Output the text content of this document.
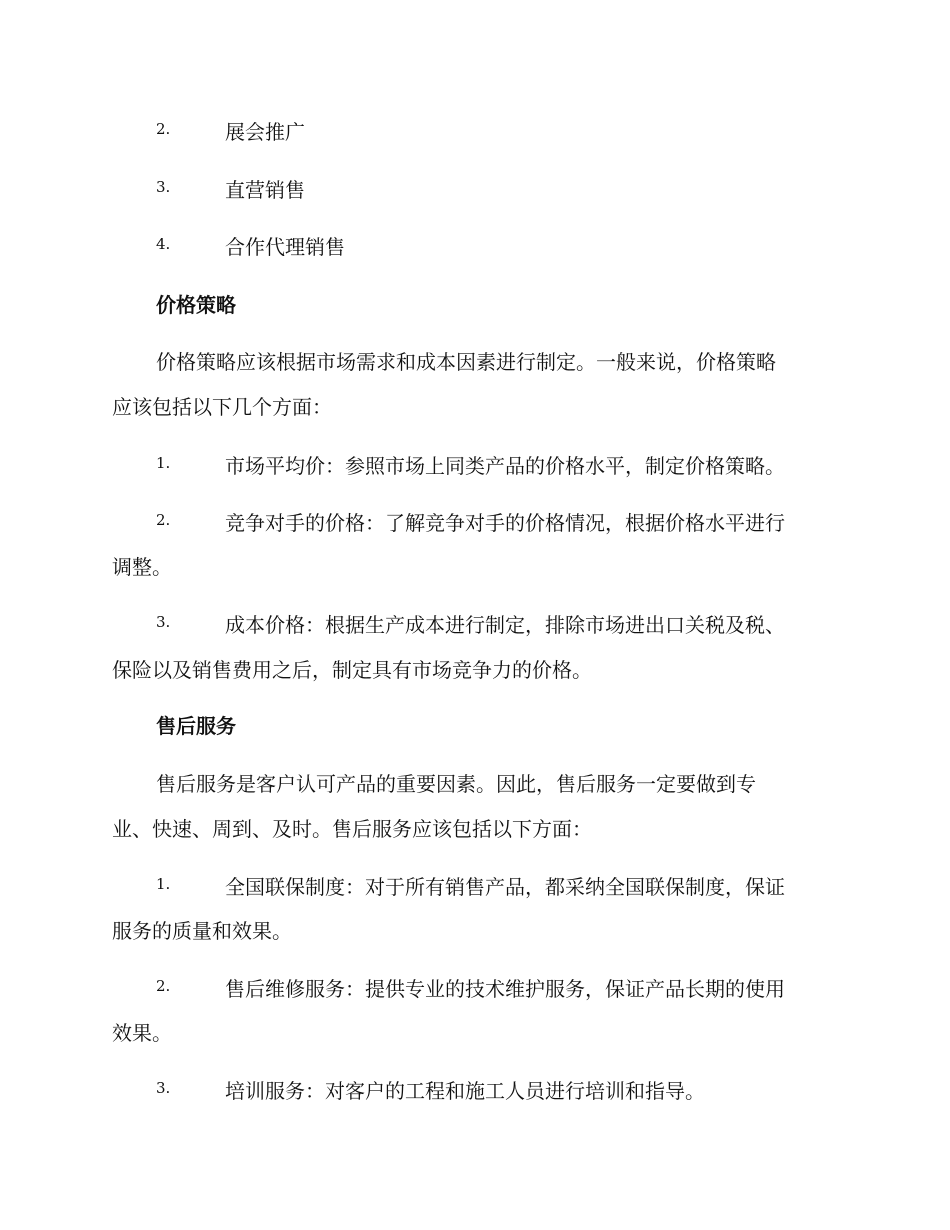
2.	展会推广
3.	直营销售
4.	合作代理销售
价格策略
价格策略应该根据市场需求和成本因素进行制定。一般来说，价格策略
应该包括以下几个方面：
1.	市场平均价：参照市场上同类产品的价格水平，制定价格策略。
2.	竞争对手的价格：了解竞争对手的价格情况，根据价格水平进行
调整。
3.	成本价格：根据生产成本进行制定，排除市场进出口关税及税、
保险以及销售费用之后，制定具有市场竞争力的价格。
售后服务
售后服务是客户认可产品的重要因素。因此，售后服务一定要做到专
业、快速、周到、及时。售后服务应该包括以下方面：
1.	全国联保制度：对于所有销售产品，都采纳全国联保制度，保证
服务的质量和效果。
2.	售后维修服务：提供专业的技术维护服务，保证产品长期的使用
效果。
3.	培训服务：对客户的工程和施工人员进行培训和指导。
